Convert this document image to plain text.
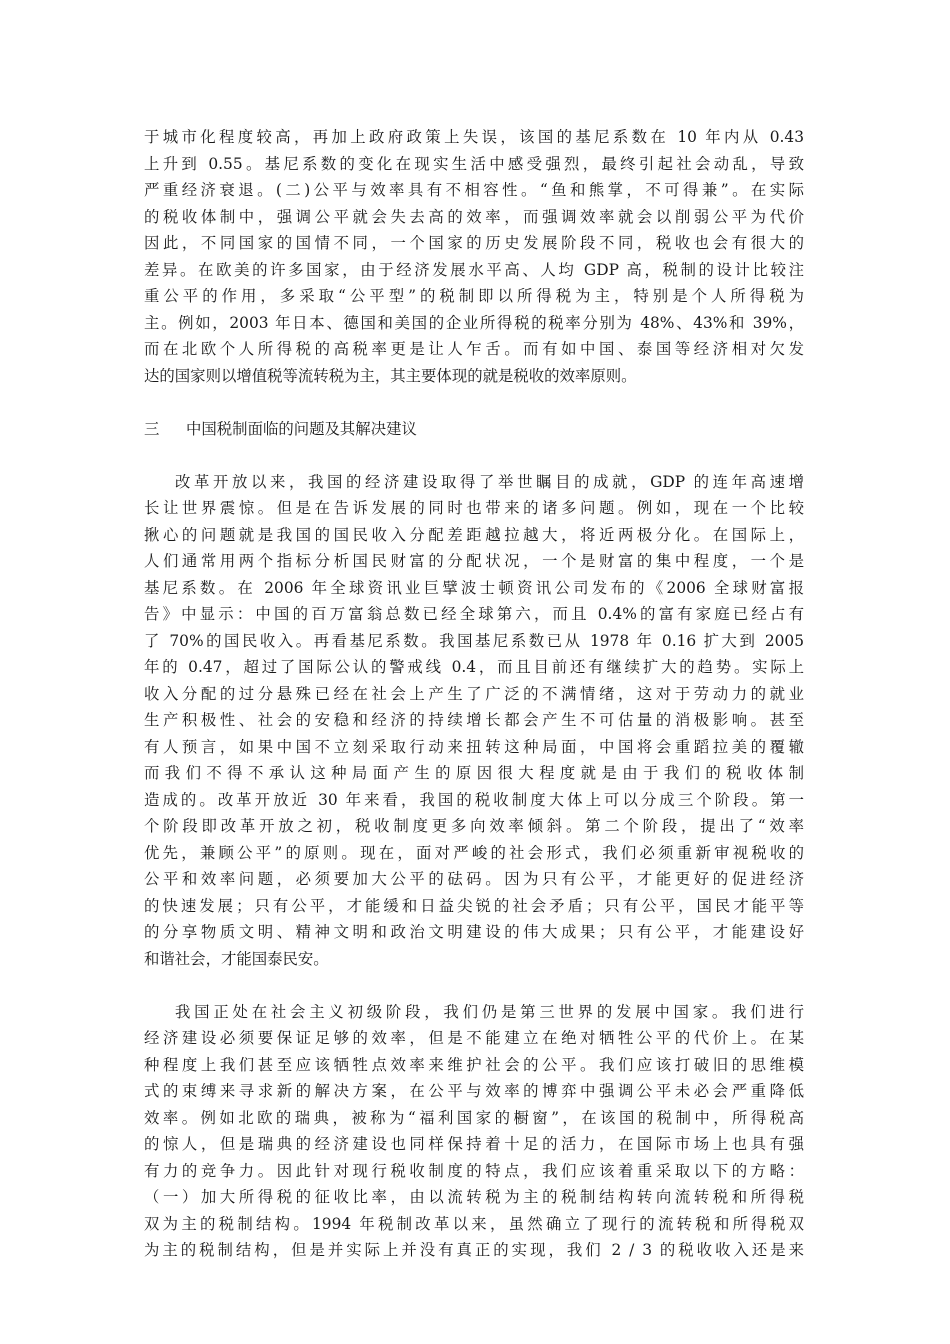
于城市化程度较高，再加上政府政策上失误，该国的基尼系数在 10 年内从 0.43
上升到 0.55。基尼系数的变化在现实生活中感受强烈，最终引起社会动乱，导致
严重经济衰退。(二)公平与效率具有不相容性。“鱼和熊掌，不可得兼”。在实际
的税收体制中，强调公平就会失去高的效率，而强调效率就会以削弱公平为代价
因此，不同国家的国情不同，一个国家的历史发展阶段不同，税收也会有很大的
差异。在欧美的许多国家，由于经济发展水平高、人均 GDP 高，税制的设计比较注
重公平的作用，多采取“公平型”的税制即以所得税为主，特别是个人所得税为
主。例如，2003 年日本、德国和美国的企业所得税的税率分别为 48%、43%和 39%，
而在北欧个人所得税的高税率更是让人乍舌。而有如中国、泰国等经济相对欠发
达的国家则以增值税等流转税为主，其主要体现的就是税收的效率原则。
三	中国税制面临的问题及其解决建议
改革开放以来，我国的经济建设取得了举世瞩目的成就，GDP 的连年高速增
长让世界震惊。但是在告诉发展的同时也带来的诸多问题。例如，现在一个比较
揪心的问题就是我国的国民收入分配差距越拉越大，将近两极分化。在国际上，
人们通常用两个指标分析国民财富的分配状况，一个是财富的集中程度，一个是
基尼系数。在 2006 年全球资讯业巨擘波士顿资讯公司发布的《2006 全球财富报
告》中显示：中国的百万富翁总数已经全球第六，而且 0.4%的富有家庭已经占有
了 70%的国民收入。再看基尼系数。我国基尼系数已从 1978 年 0.16 扩大到 2005
年的 0.47，超过了国际公认的警戒线 0.4，而且目前还有继续扩大的趋势。实际上
收入分配的过分悬殊已经在社会上产生了广泛的不满情绪，这对于劳动力的就业
生产积极性、社会的安稳和经济的持续增长都会产生不可估量的消极影响。甚至
有人预言，如果中国不立刻采取行动来扭转这种局面，中国将会重蹈拉美的覆辙
而我们不得不承认这种局面产生的原因很大程度就是由于我们的税收体制
造成的。改革开放近 30 年来看，我国的税收制度大体上可以分成三个阶段。第一
个阶段即改革开放之初，税收制度更多向效率倾斜。第二个阶段，提出了“效率
优先，兼顾公平”的原则。现在，面对严峻的社会形式，我们必须重新审视税收的
公平和效率问题，必须要加大公平的砝码。因为只有公平，才能更好的促进经济
的快速发展；只有公平，才能缓和日益尖锐的社会矛盾；只有公平，国民才能平等
的分享物质文明、精神文明和政治文明建设的伟大成果；只有公平，才能建设好
和谐社会，才能国泰民安。
我国正处在社会主义初级阶段，我们仍是第三世界的发展中国家。我们进行
经济建设必须要保证足够的效率，但是不能建立在绝对牺牲公平的代价上。在某
种程度上我们甚至应该牺牲点效率来维护社会的公平。我们应该打破旧的思维模
式的束缚来寻求新的解决方案，在公平与效率的博弈中强调公平未必会严重降低
效率。例如北欧的瑞典，被称为“福利国家的橱窗”，在该国的税制中，所得税高
的惊人，但是瑞典的经济建设也同样保持着十足的活力，在国际市场上也具有强
有力的竞争力。因此针对现行税收制度的特点，我们应该着重采取以下的方略：
（一）加大所得税的征收比率，由以流转税为主的税制结构转向流转税和所得税
双为主的税制结构。1994 年税制改革以来，虽然确立了现行的流转税和所得税双
为主的税制结构，但是并实际上并没有真正的实现，我们 2 / 3 的税收收入还是来
